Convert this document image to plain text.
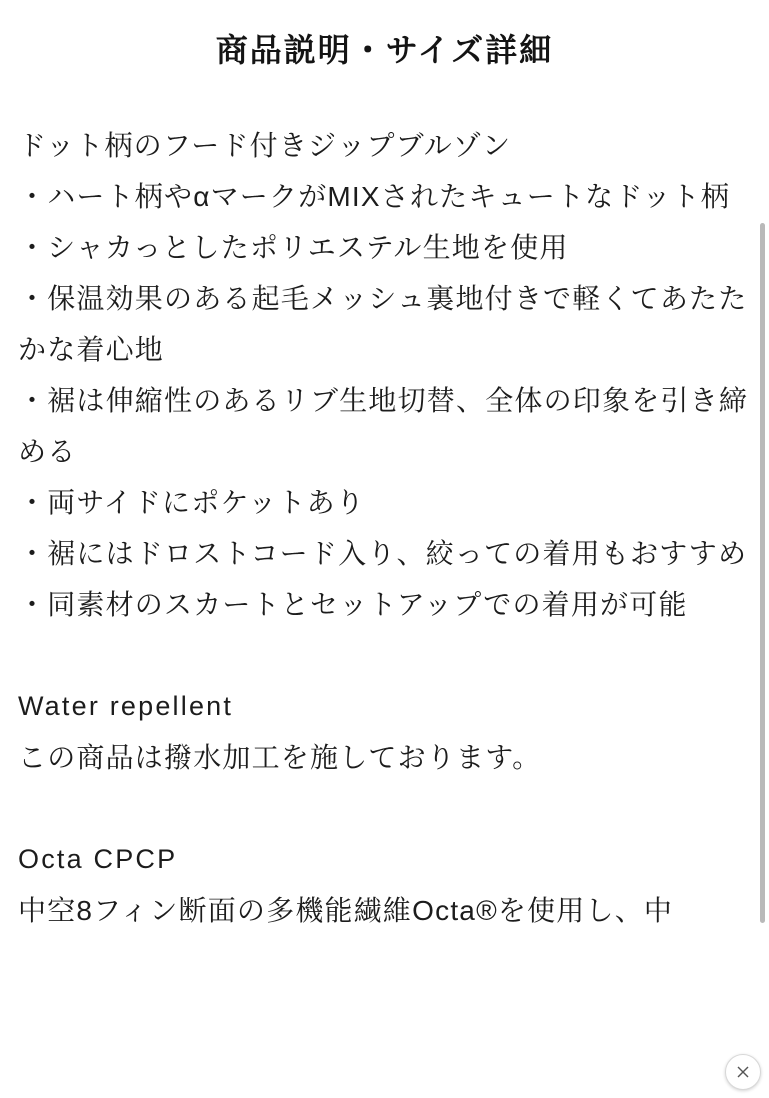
商品説明・サイズ詳細

ドット柄のフード付きジップブルゾン

・ハート柄やαマークがMIXされたキュートなドット柄

・シャカっとしたポリエステル生地を使用

・保温効果のある起毛メッシュ裏地付きで軽くてあたたかな着心地

・裾は伸縮性のあるリブ生地切替、全体の印象を引き締める

・両サイドにポケットあり

・裾にはドロストコード入り、絞っての着用もおすすめ

・同素材のスカートとセットアップでの着用が可能

Water repellent

この商品は撥水加工を施しております。

Octa CPCP

中空8フィン断面の多機能繊維Octa®を使用し、中
